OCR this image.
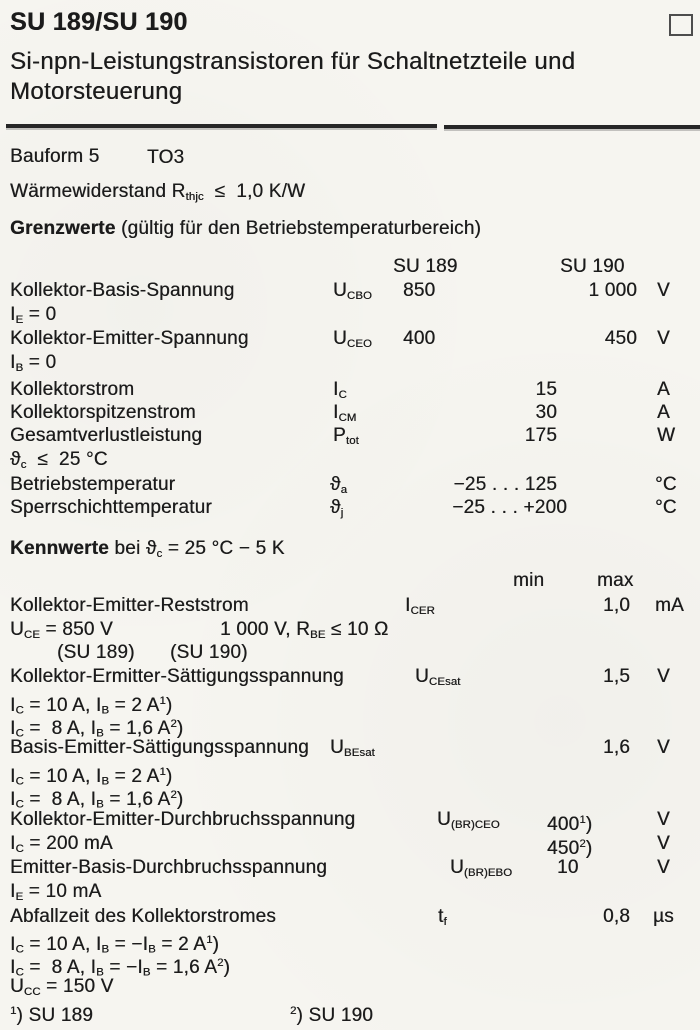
SU 189/SU 190
Si-npn-Leistungstransistoren für Schaltnetzteile und
Motorsteuerung
Bauform 5	TO3
Wärmewiderstand $R_{thjc} \le 1,0$ K/W
Grenzwerte (gültig für den Betriebstemperaturbereich)
SU 189	SU 190
Kollektor-Basis-Spannung	$U_{CBO}$ 850	1 000 V
$I_E = 0$
Kollektor-Emitter-Spannung	$U_{CEO}$ 400	450 V
$I_B = 0$
Kollektorstrom	$I_C$	15	A
Kollektorspitzenstrom	$I_{CM}$	30	A
Gesamtverlustleistung	$P_{tot}$	175	W
$ϑ_c \le 25$ °C
Betriebstemperatur	$ϑ_a$	−25 . . . 125	°C
Sperrschichttemperatur	$ϑ_j$	−25 . . . +200	°C
Kennwerte bei $ϑ_c = 25$ °C − 5 K
min	max
Kollektor-Emitter-Reststrom	$I_{CER}$	1,0 mA
$U_{CE} = 850$ V	1 000 V, $R_{BE} \le 10$ Ω
(SU 189) (SU 190)
Kollektor-Ermitter-Sättigungsspannung	$U_{CEsat}$	1,5 V
$I_C = 10$ A, $I_B = 2$ $A^1$)
$I_C = 8$ A, $I_B = 1,6$ $A^2$)
Basis-Emitter-Sättigungsspannung $U_{BEsat}$	1,6 V
$I_C = 10$ A, $I_B = 2$ $A^1$)
$I_C = 8$ A, $I_B = 1,6$ $A^2$)
Kollektor-Emitter-Durchbruchsspannung	$U_{(BR)CEO}$ $400^1$)	V
$I_C = 200$ mA	$450^2$)	V
Emitter-Basis-Durchbruchsspannung	$U_{(BR)EBO}$ 10	V
$I_E = 10$ mA
Abfallzeit des Kollektorstromes	$t_f$	0,8 µs
$I_C = 10$ A, $I_B = -I_B = 2$ $A^1$)
$I_C = 8$ A, $I_B = -I_B = 1,6$ $A^2$)
$U_{CC} = 150$ V
$^1$) SU 189	$^2$) SU 190
